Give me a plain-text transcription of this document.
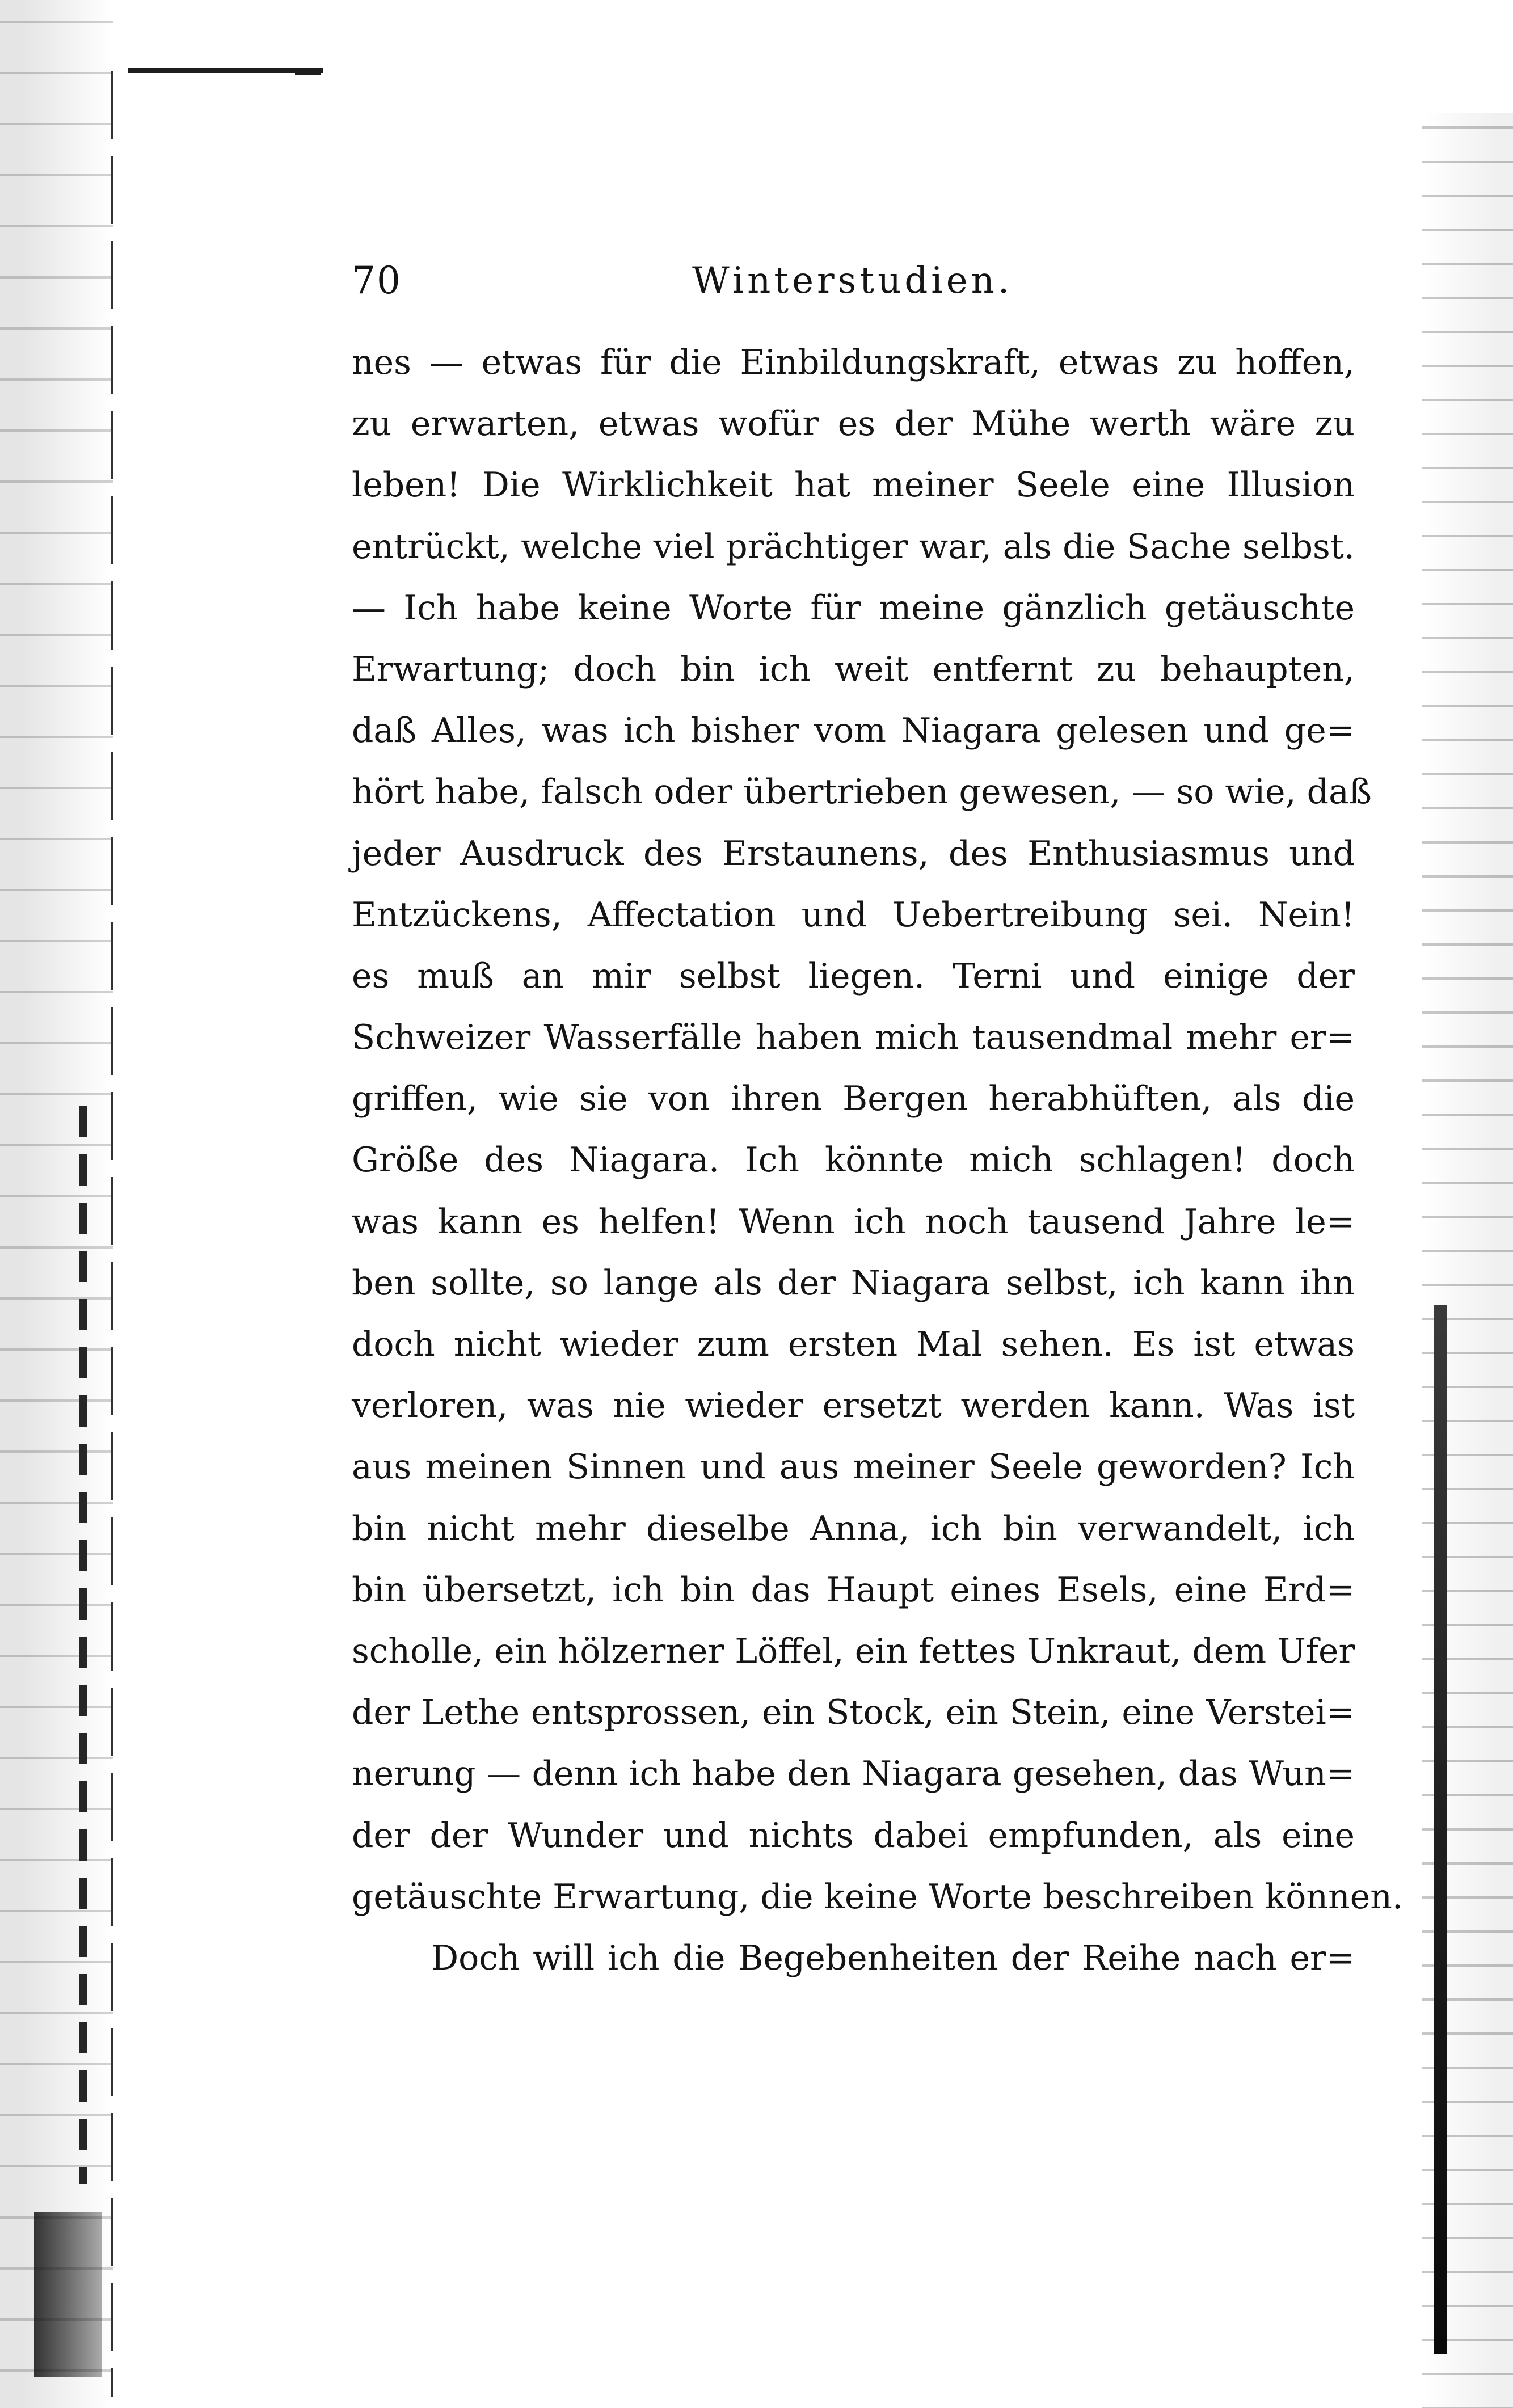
70	Winterstudien.
nes — etwas für die Einbildungskraft, etwas zu hoffen,
zu erwarten, etwas wofür es der Mühe werth wäre zu
leben! Die Wirklichkeit hat meiner Seele eine Illusion
entrückt, welche viel prächtiger war, als die Sache selbst.
— Ich habe keine Worte für meine gänzlich getäuschte
Erwartung; doch bin ich weit entfernt zu behaupten,
daß Alles, was ich bisher vom Niagara gelesen und ge=
hört habe, falsch oder übertrieben gewesen, — so wie, daß
jeder Ausdruck des Erstaunens, des Enthusiasmus und
Entzückens, Affectation und Uebertreibung sei. Nein!
es muß an mir selbst liegen. Terni und einige der
Schweizer Wasserfälle haben mich tausendmal mehr er=
griffen, wie sie von ihren Bergen herabhüften, als die
Größe des Niagara. Ich könnte mich schlagen! doch
was kann es helfen! Wenn ich noch tausend Jahre le=
ben sollte, so lange als der Niagara selbst, ich kann ihn
doch nicht wieder zum ersten Mal sehen. Es ist etwas
verloren, was nie wieder ersetzt werden kann. Was ist
aus meinen Sinnen und aus meiner Seele geworden? Ich
bin nicht mehr dieselbe Anna, ich bin verwandelt, ich
bin übersetzt, ich bin das Haupt eines Esels, eine Erd=
scholle, ein hölzerner Löffel, ein fettes Unkraut, dem Ufer
der Lethe entsprossen, ein Stock, ein Stein, eine Verstei=
nerung — denn ich habe den Niagara gesehen, das Wun=
der der Wunder und nichts dabei empfunden, als eine
getäuschte Erwartung, die keine Worte beschreiben können.
Doch will ich die Begebenheiten der Reihe nach er=
